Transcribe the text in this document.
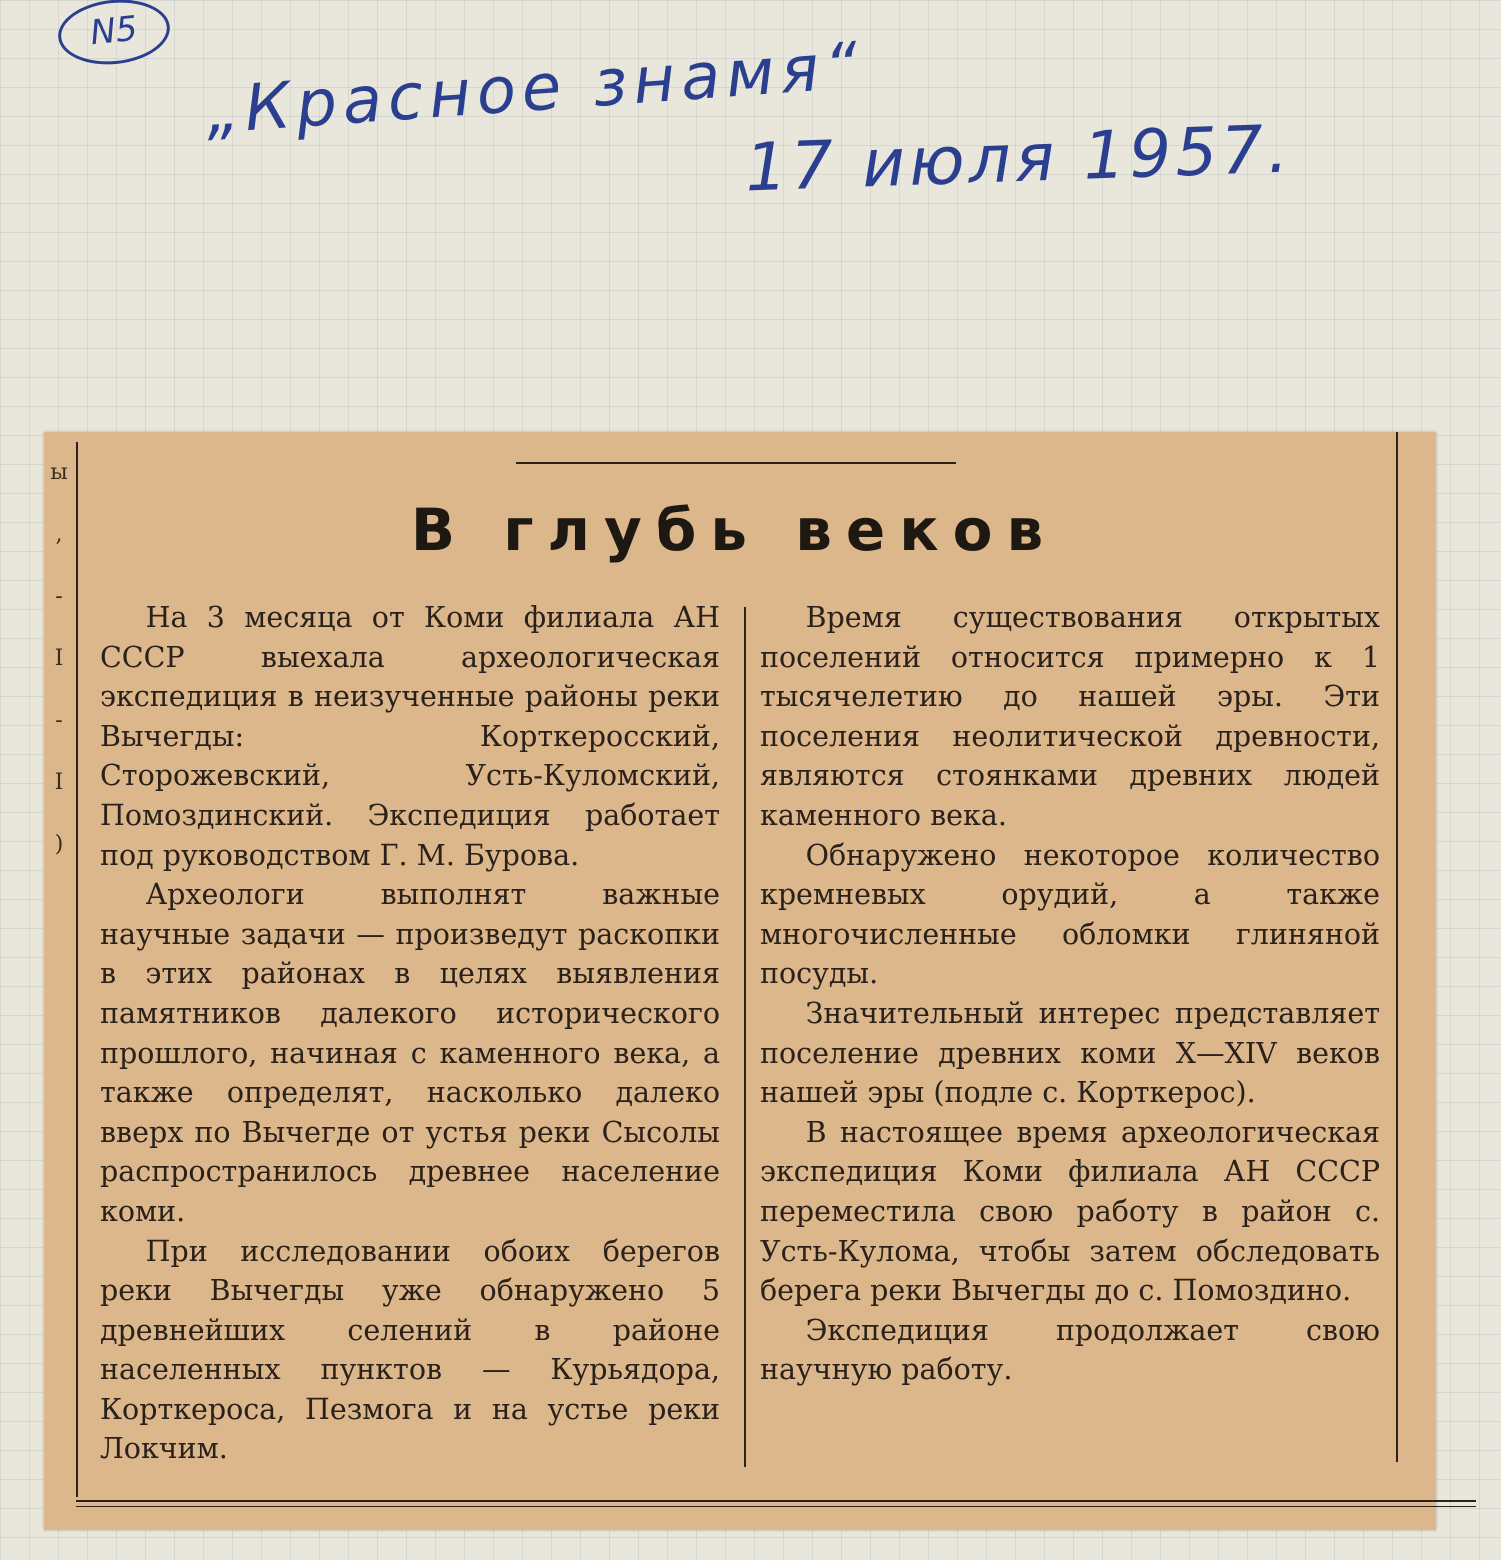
N5 „Красное знамя“
17 июля 1957.
ы
,
-
I
-
I
)
В глубь веков

На 3 месяца от Коми филиала АН СССР выехала археологическая экспедиция в неизученные районы реки Вычегды: Корткеросский, Сторожевский, Усть-Куломский, Помоздинский. Экспедиция работает под руководством Г. М. Бурова.

Археологи выполнят важные научные задачи — произведут раскопки в этих районах в целях выявления памятников далекого исторического прошлого, начиная с каменного века, а также определят, насколько далеко вверх по Вычегде от устья реки Сысолы распространилось древнее население коми.

При исследовании обоих берегов реки Вычегды уже обнаружено 5 древнейших селений в районе населенных пунктов — Курьядора, Корткероса, Пезмога и на устье реки Локчим.

Время существования открытых поселений относится примерно к 1 тысячелетию до нашей эры. Эти поселения неолитической древности, являются стоянками древних людей каменного века.

Обнаружено некоторое количество кремневых орудий, а также многочисленные обломки глиняной посуды.

Значительный интерес представляет поселение древних коми X—XIV веков нашей эры (подле с. Корткерос).

В настоящее время археологическая экспедиция Коми филиала АН СССР переместила свою работу в район с. Усть-Кулома, чтобы затем обследовать берега реки Вычегды до с. Помоздино.

Экспедиция продолжает свою научную работу.
